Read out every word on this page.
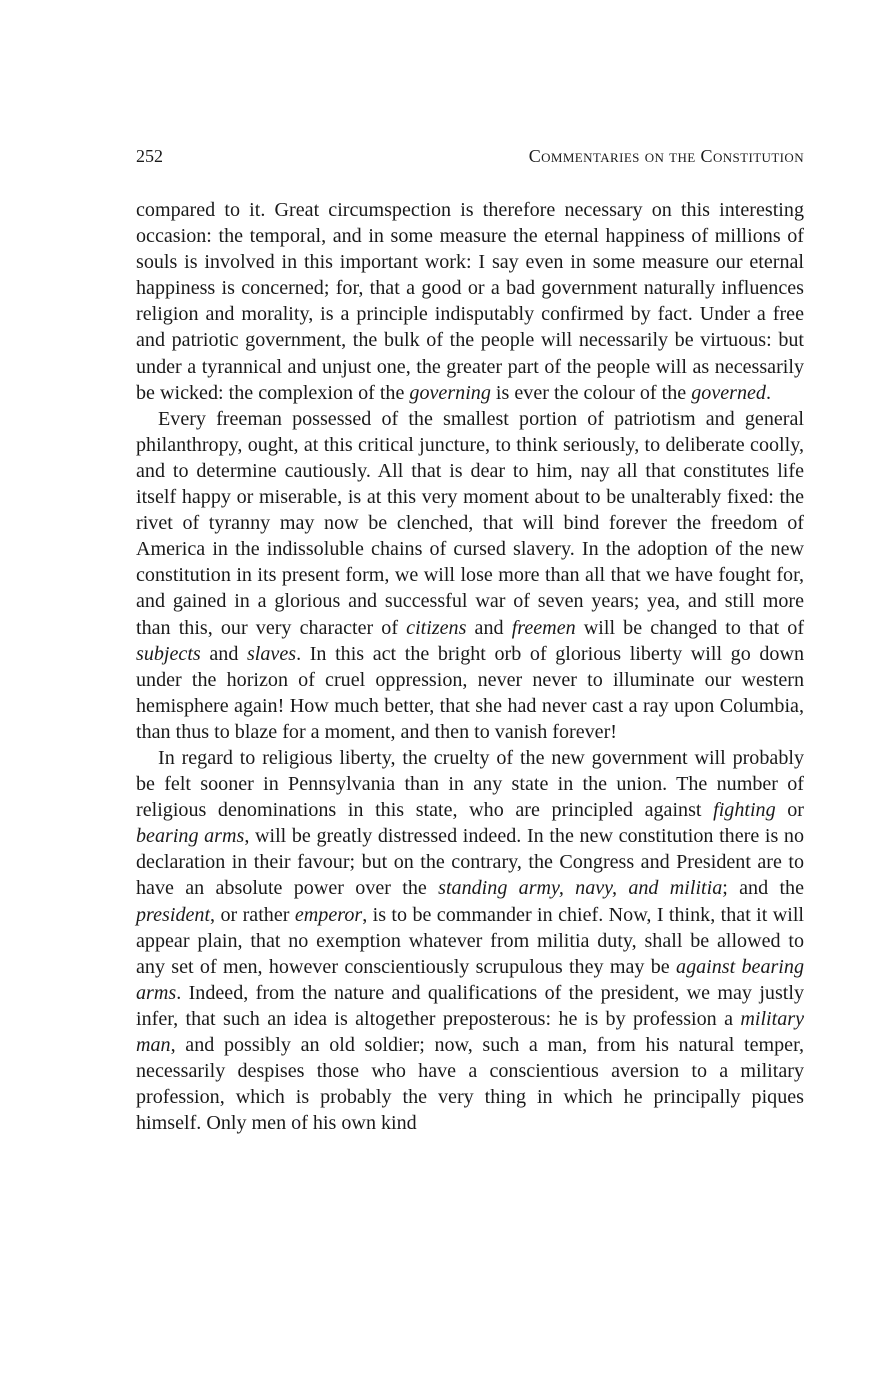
252	Commentaries on the Constitution

compared to it. Great circumspection is therefore necessary on this interesting occasion: the temporal, and in some measure the eternal happiness of millions of souls is involved in this important work: I say even in some measure our eternal happiness is concerned; for, that a good or a bad government naturally influences religion and morality, is a principle indisputably confirmed by fact. Under a free and patriotic government, the bulk of the people will necessarily be virtuous: but under a tyrannical and unjust one, the greater part of the people will as necessarily be wicked: the complexion of the governing is ever the colour of the governed.

Every freeman possessed of the smallest portion of patriotism and general philanthropy, ought, at this critical juncture, to think seriously, to deliberate coolly, and to determine cautiously. All that is dear to him, nay all that constitutes life itself happy or miserable, is at this very moment about to be unalterably fixed: the rivet of tyranny may now be clenched, that will bind forever the freedom of America in the indissoluble chains of cursed slavery. In the adoption of the new constitution in its present form, we will lose more than all that we have fought for, and gained in a glorious and successful war of seven years; yea, and still more than this, our very character of citizens and freemen will be changed to that of subjects and slaves. In this act the bright orb of glorious liberty will go down under the horizon of cruel oppression, never never to illuminate our western hemisphere again! How much better, that she had never cast a ray upon Columbia, than thus to blaze for a moment, and then to vanish forever!

In regard to religious liberty, the cruelty of the new government will probably be felt sooner in Pennsylvania than in any state in the union. The number of religious denominations in this state, who are principled against fighting or bearing arms, will be greatly distressed indeed. In the new constitution there is no declaration in their favour; but on the contrary, the Congress and President are to have an absolute power over the standing army, navy, and militia; and the president, or rather emperor, is to be commander in chief. Now, I think, that it will appear plain, that no exemption whatever from militia duty, shall be allowed to any set of men, however conscientiously scrupulous they may be against bearing arms. Indeed, from the nature and qualifications of the president, we may justly infer, that such an idea is altogether preposterous: he is by profession a military man, and possibly an old soldier; now, such a man, from his natural temper, necessarily despises those who have a conscientious aversion to a military profession, which is probably the very thing in which he principally piques himself. Only men of his own kind
